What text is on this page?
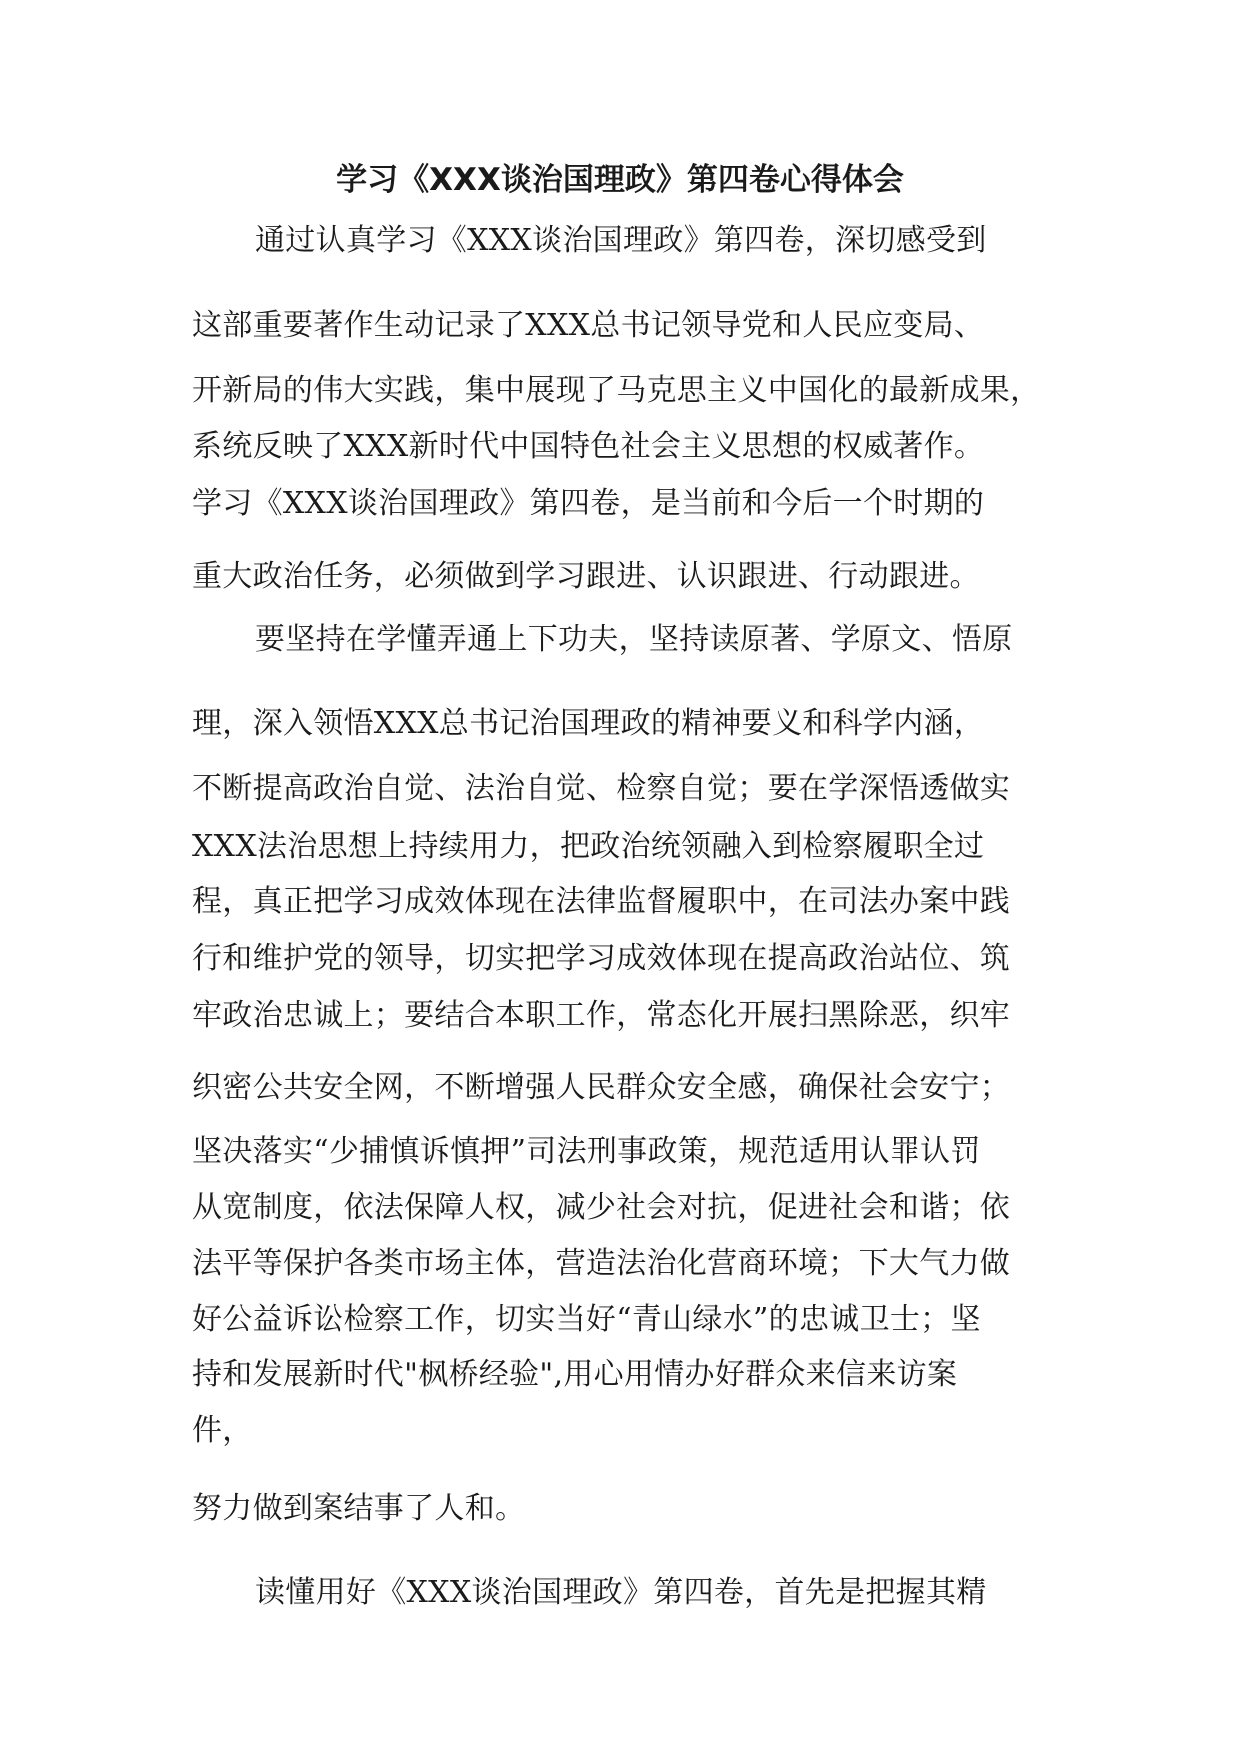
学习《XXX谈治国理政》第四卷心得体会
通过认真学习《XXX谈治国理政》第四卷，深切感受到
这部重要著作生动记录了XXX总书记领导党和人民应变局、
开新局的伟大实践，集中展现了马克思主义中国化的最新成果，
系统反映了XXX新时代中国特色社会主义思想的权威著作。
学习《XXX谈治国理政》第四卷，是当前和今后一个时期的
重大政治任务，必须做到学习跟进、认识跟进、行动跟进。
要坚持在学懂弄通上下功夫，坚持读原著、学原文、悟原
理，深入领悟XXX总书记治国理政的精神要义和科学内涵，
不断提高政治自觉、法治自觉、检察自觉；要在学深悟透做实
XXX法治思想上持续用力，把政治统领融入到检察履职全过
程，真正把学习成效体现在法律监督履职中，在司法办案中践
行和维护党的领导，切实把学习成效体现在提高政治站位、筑
牢政治忠诚上；要结合本职工作，常态化开展扫黑除恶，织牢
织密公共安全网，不断增强人民群众安全感，确保社会安宁；
坚决落实“少捕慎诉慎押”司法刑事政策，规范适用认罪认罚
从宽制度，依法保障人权，减少社会对抗，促进社会和谐；依
法平等保护各类市场主体，营造法治化营商环境；下大气力做
好公益诉讼检察工作，切实当好“青山绿水”的忠诚卫士；坚
持和发展新时代"枫桥经验",用心用情办好群众来信来访案
件，
努力做到案结事了人和。
读懂用好《XXX谈治国理政》第四卷，首先是把握其精
